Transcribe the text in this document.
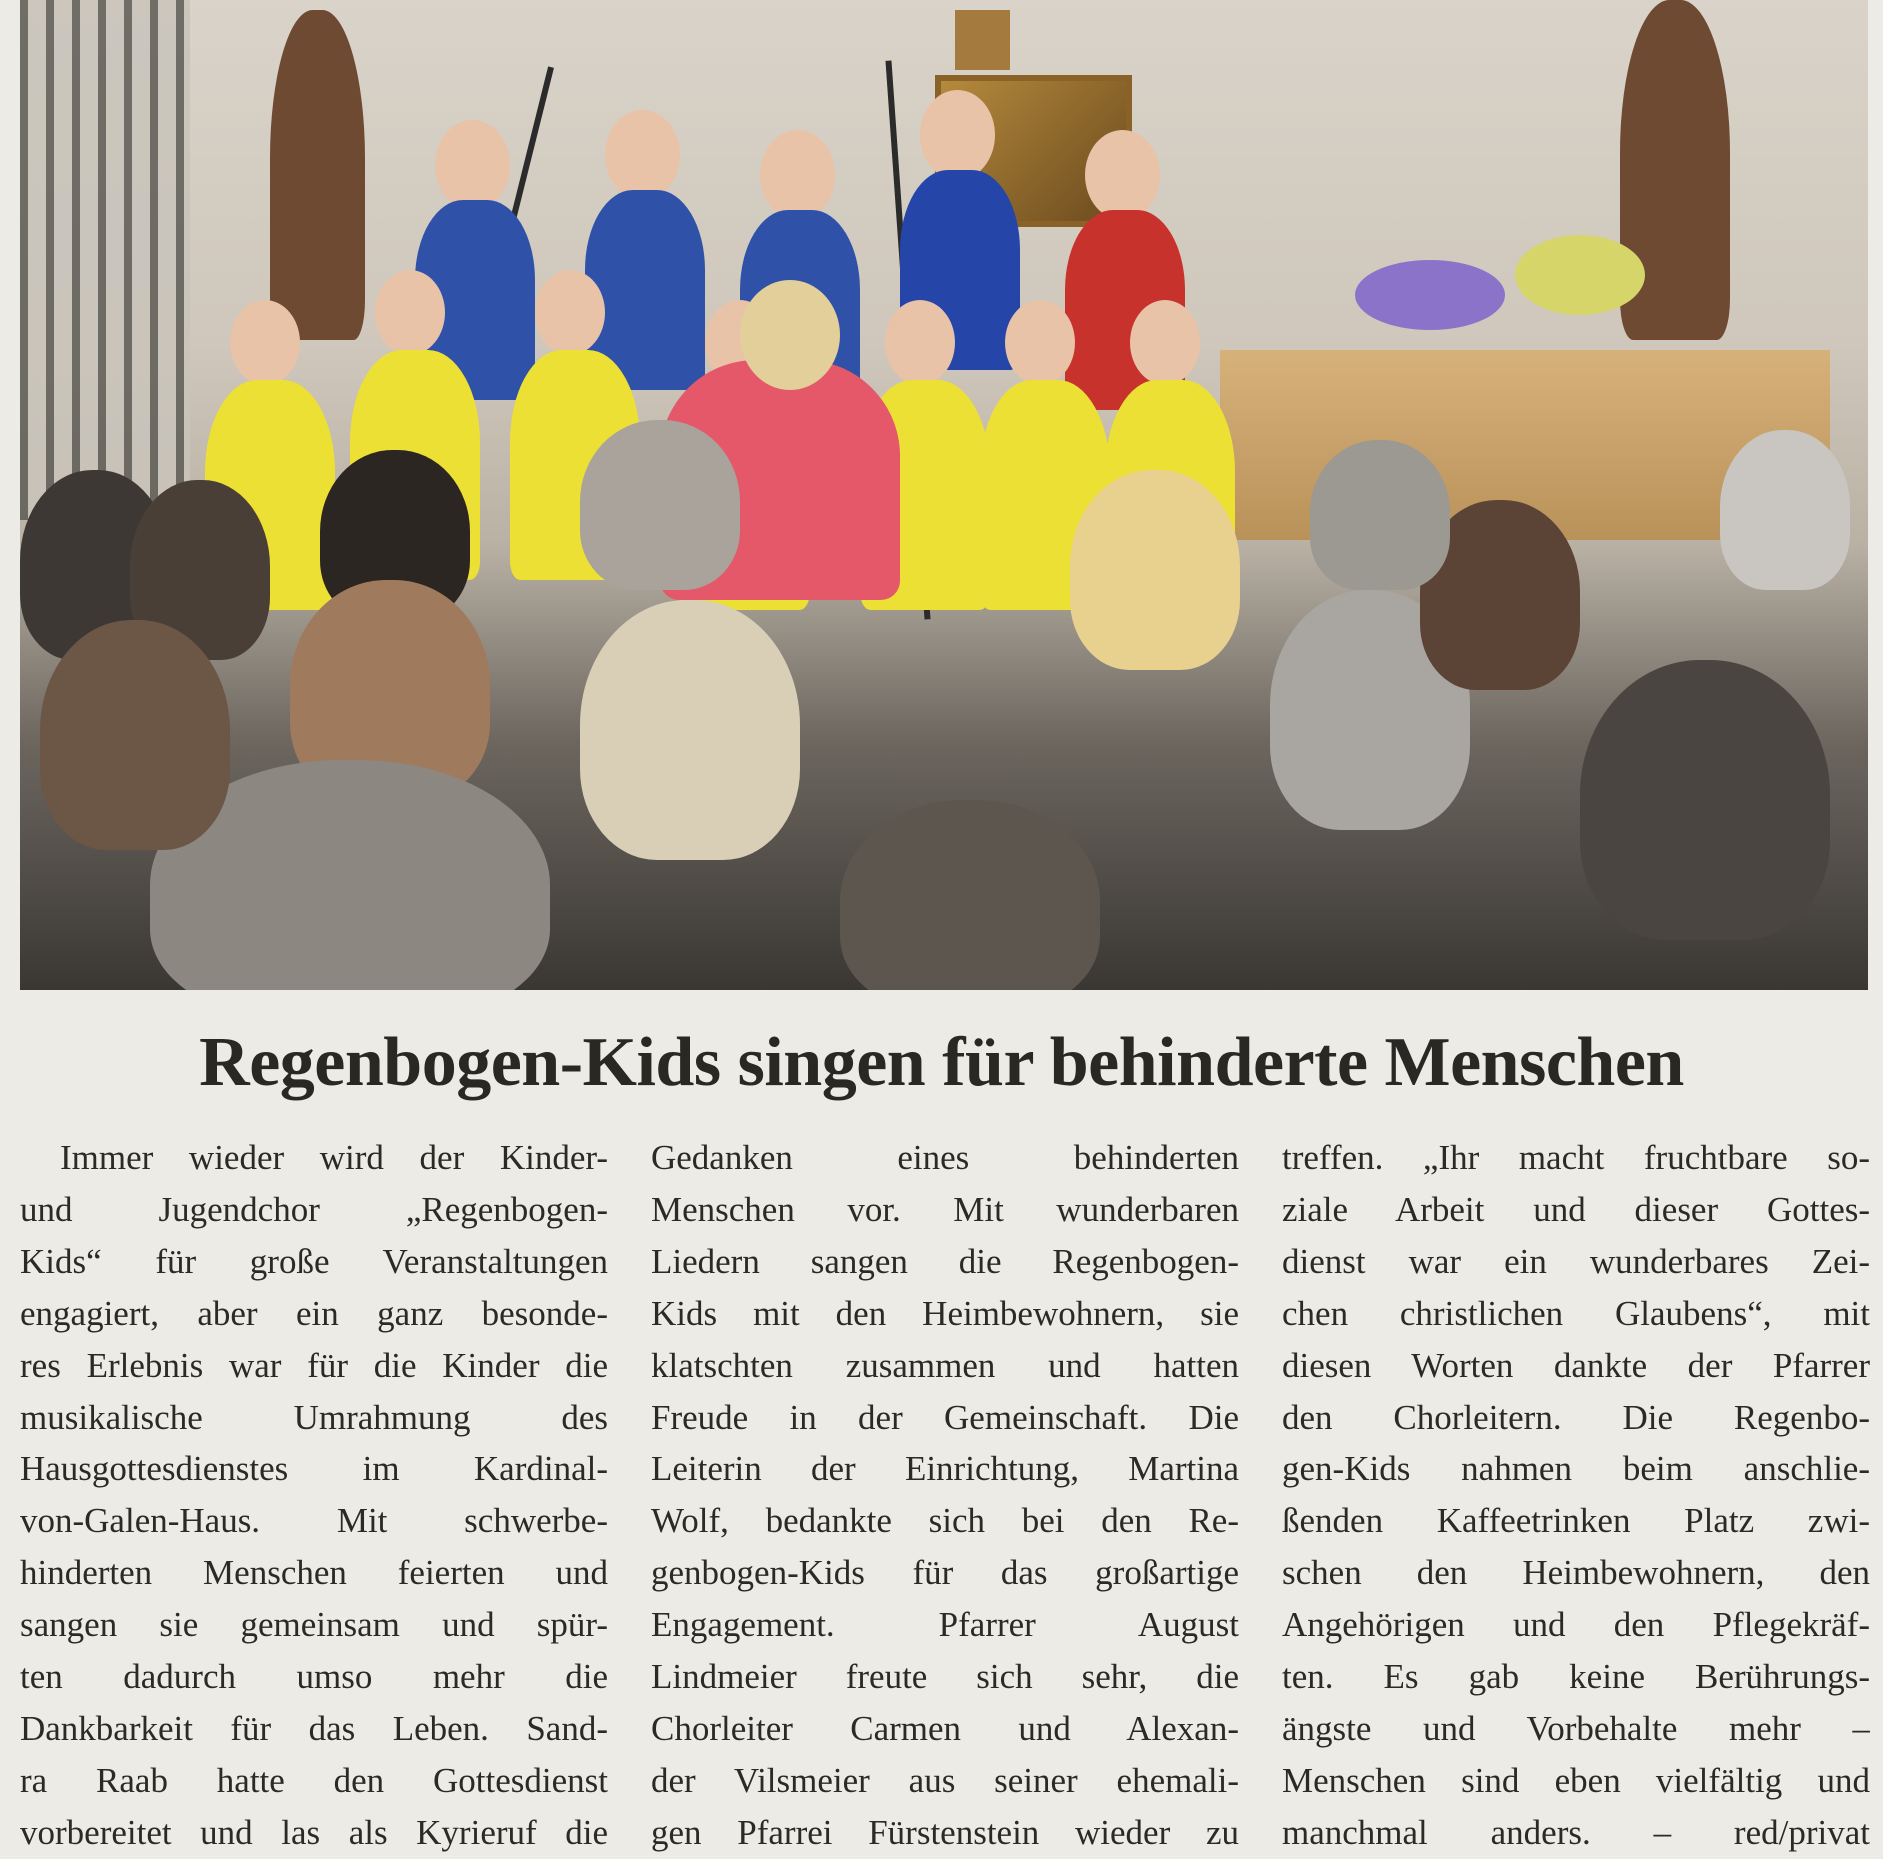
Regenbogen-Kids singen für behinderte Menschen
Immer wieder wird der Kinder-
und Jugendchor „Regenbogen-
Kids“ für große Veranstaltungen
engagiert, aber ein ganz besonde-
res Erlebnis war für die Kinder die
musikalische Umrahmung des
Hausgottesdienstes im Kardinal-
von-Galen-Haus. Mit schwerbe-
hinderten Menschen feierten und
sangen sie gemeinsam und spür-
ten dadurch umso mehr die
Dankbarkeit für das Leben. Sand-
ra Raab hatte den Gottesdienst
vorbereitet und las als Kyrieruf die
Gedanken eines behinderten
Menschen vor. Mit wunderbaren
Liedern sangen die Regenbogen-
Kids mit den Heimbewohnern, sie
klatschten zusammen und hatten
Freude in der Gemeinschaft. Die
Leiterin der Einrichtung, Martina
Wolf, bedankte sich bei den Re-
genbogen-Kids für das großartige
Engagement. Pfarrer August
Lindmeier freute sich sehr, die
Chorleiter Carmen und Alexan-
der Vilsmeier aus seiner ehemali-
gen Pfarrei Fürstenstein wieder zu
treffen. „Ihr macht fruchtbare so-
ziale Arbeit und dieser Gottes-
dienst war ein wunderbares Zei-
chen christlichen Glaubens“, mit
diesen Worten dankte der Pfarrer
den Chorleitern. Die Regenbo-
gen-Kids nahmen beim anschlie-
ßenden Kaffeetrinken Platz zwi-
schen den Heimbewohnern, den
Angehörigen und den Pflegekräf-
ten. Es gab keine Berührungs-
ängste und Vorbehalte mehr –
Menschen sind eben vielfältig und
manchmal anders. – red/privat
